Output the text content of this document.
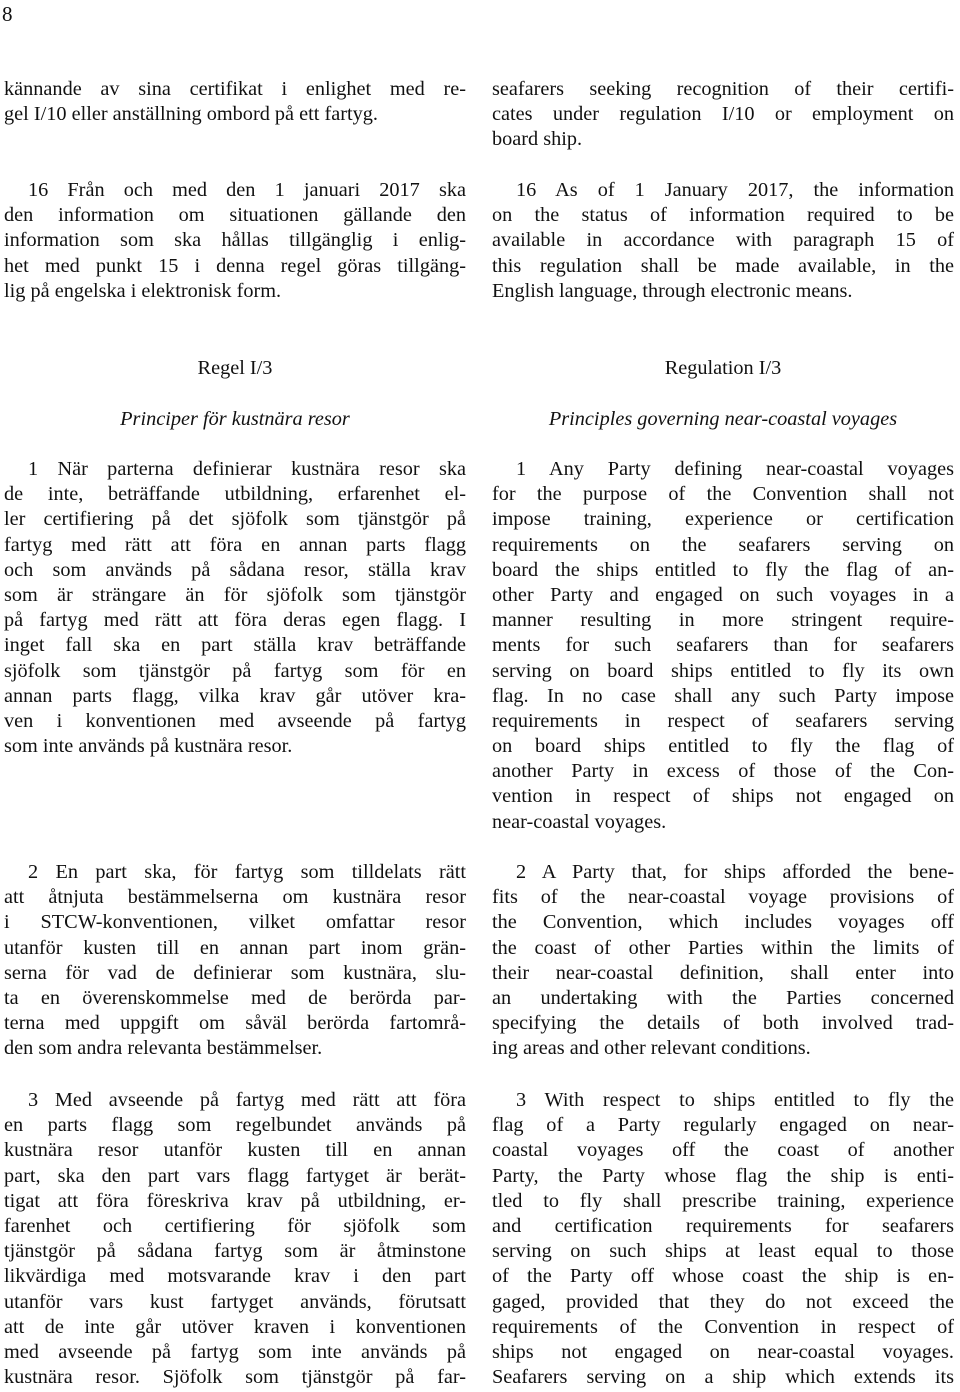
8
kännande av sina certifikat i enlighet med re-
gel I/10 eller anställning ombord på ett fartyg.
16 Från och med den 1 januari 2017 ska
den information om situationen gällande den
information som ska hållas tillgänglig i enlig-
het med punkt 15 i denna regel göras tillgäng-
lig på engelska i elektronisk form.
Regel I/3
Principer för kustnära resor
1 När parterna definierar kustnära resor ska
de inte, beträffande utbildning, erfarenhet el-
ler certifiering på det sjöfolk som tjänstgör på
fartyg med rätt att föra en annan parts flagg
och som används på sådana resor, ställa krav
som är strängare än för sjöfolk som tjänstgör
på fartyg med rätt att föra deras egen flagg. I
inget fall ska en part ställa krav beträffande
sjöfolk som tjänstgör på fartyg som för en
annan parts flagg, vilka krav går utöver kra-
ven i konventionen med avseende på fartyg
som inte används på kustnära resor.
2 En part ska, för fartyg som tilldelats rätt
att åtnjuta bestämmelserna om kustnära resor
i STCW-konventionen, vilket omfattar resor
utanför kusten till en annan part inom grän-
serna för vad de definierar som kustnära, slu-
ta en överenskommelse med de berörda par-
terna med uppgift om såväl berörda fartområ-
den som andra relevanta bestämmelser.
3 Med avseende på fartyg med rätt att föra
en parts flagg som regelbundet används på
kustnära resor utanför kusten till en annan
part, ska den part vars flagg fartyget är berät-
tigat att föra föreskriva krav på utbildning, er-
farenhet och certifiering för sjöfolk som
tjänstgör på sådana fartyg som är åtminstone
likvärdiga med motsvarande krav i den part
utanför vars kust fartyget används, förutsatt
att de inte går utöver kraven i konventionen
med avseende på fartyg som inte används på
kustnära resor. Sjöfolk som tjänstgör på far-
seafarers seeking recognition of their certifi-
cates under regulation I/10 or employment on
board ship.
16 As of 1 January 2017, the information
on the status of information required to be
available in accordance with paragraph 15 of
this regulation shall be made available, in the
English language, through electronic means.
Regulation I/3
Principles governing near-coastal voyages
1 Any Party defining near-coastal voyages
for the purpose of the Convention shall not
impose training, experience or certification
requirements on the seafarers serving on
board the ships entitled to fly the flag of an-
other Party and engaged on such voyages in a
manner resulting in more stringent require-
ments for such seafarers than for seafarers
serving on board ships entitled to fly its own
flag. In no case shall any such Party impose
requirements in respect of seafarers serving
on board ships entitled to fly the flag of
another Party in excess of those of the Con-
vention in respect of ships not engaged on
near-coastal voyages.
2 A Party that, for ships afforded the bene-
fits of the near-coastal voyage provisions of
the Convention, which includes voyages off
the coast of other Parties within the limits of
their near-coastal definition, shall enter into
an undertaking with the Parties concerned
specifying the details of both involved trad-
ing areas and other relevant conditions.
3 With respect to ships entitled to fly the
flag of a Party regularly engaged on near-
coastal voyages off the coast of another
Party, the Party whose flag the ship is enti-
tled to fly shall prescribe training, experience
and certification requirements for seafarers
serving on such ships at least equal to those
of the Party off whose coast the ship is en-
gaged, provided that they do not exceed the
requirements of the Convention in respect of
ships not engaged on near-coastal voyages.
Seafarers serving on a ship which extends its
